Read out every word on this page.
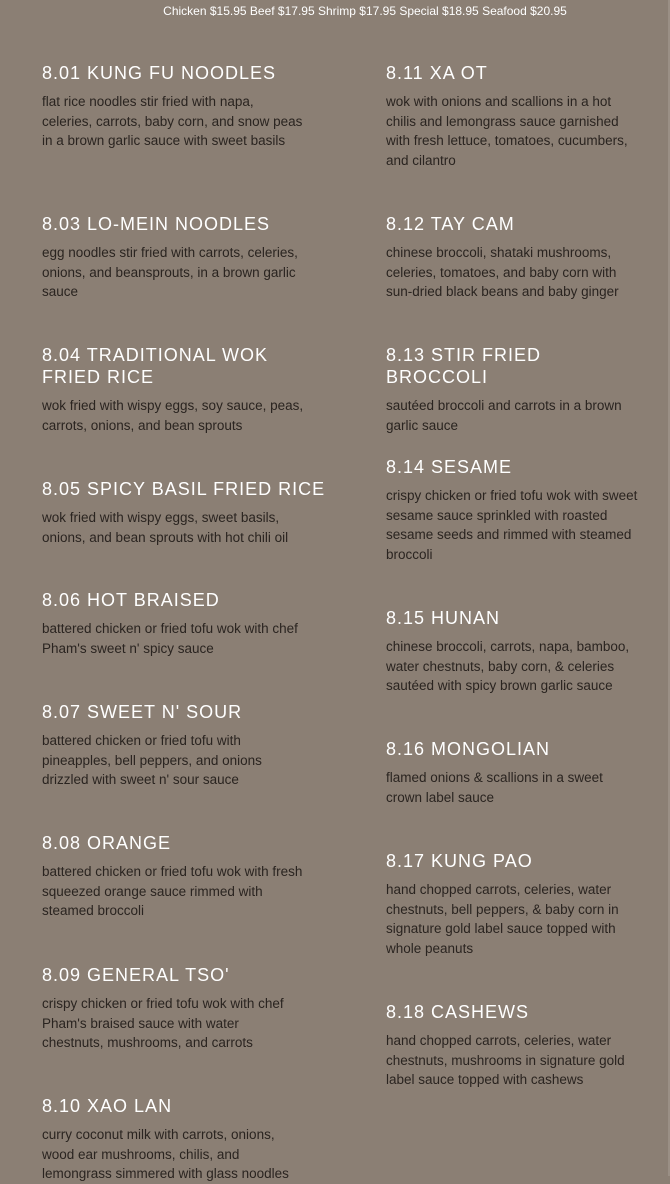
Chicken $15.95 Beef $17.95 Shrimp $17.95 Special $18.95 Seafood $20.95
8.01 KUNG FU NOODLES

flat rice noodles stir fried with napa, celeries, carrots, baby corn, and snow peas in a brown garlic sauce with sweet basils

8.03 LO-MEIN NOODLES

egg noodles stir fried with carrots, celeries, onions, and beansprouts, in a brown garlic sauce

8.04 TRADITIONAL WOK FRIED RICE

wok fried with wispy eggs, soy sauce, peas, carrots, onions, and bean sprouts

8.05 SPICY BASIL FRIED RICE

wok fried with wispy eggs, sweet basils, onions, and bean sprouts with hot chili oil

8.06 HOT BRAISED

battered chicken or fried tofu wok with chef Pham's sweet n' spicy sauce

8.07 SWEET N' SOUR

battered chicken or fried tofu with pineapples, bell peppers, and onions drizzled with sweet n' sour sauce

8.08 ORANGE

battered chicken or fried tofu wok with fresh squeezed orange sauce rimmed with steamed broccoli

8.09 GENERAL TSO'

crispy chicken or fried tofu wok with chef Pham's braised sauce with water chestnuts, mushrooms, and carrots

8.10 XAO LAN

curry coconut milk with carrots, onions, wood ear mushrooms, chilis, and lemongrass simmered with glass noodles

8.11 XA OT

wok with onions and scallions in a hot chilis and lemongrass sauce garnished with fresh lettuce, tomatoes, cucumbers, and cilantro

8.12 TAY CAM

chinese broccoli, shataki mushrooms, celeries, tomatoes, and baby corn with sun-dried black beans and baby ginger

8.13 STIR FRIED BROCCOLI

sautéed broccoli and carrots in a brown garlic sauce

8.14 SESAME

crispy chicken or fried tofu wok with sweet sesame sauce sprinkled with roasted sesame seeds and rimmed with steamed broccoli

8.15 HUNAN

chinese broccoli, carrots, napa, bamboo, water chestnuts, baby corn, & celeries sautéed with spicy brown garlic sauce

8.16 MONGOLIAN

flamed onions & scallions in a sweet crown label sauce

8.17 KUNG PAO

hand chopped carrots, celeries, water chestnuts, bell peppers, & baby corn in signature gold label sauce topped with whole peanuts

8.18 CASHEWS

hand chopped carrots, celeries, water chestnuts, mushrooms in signature gold label sauce topped with cashews
